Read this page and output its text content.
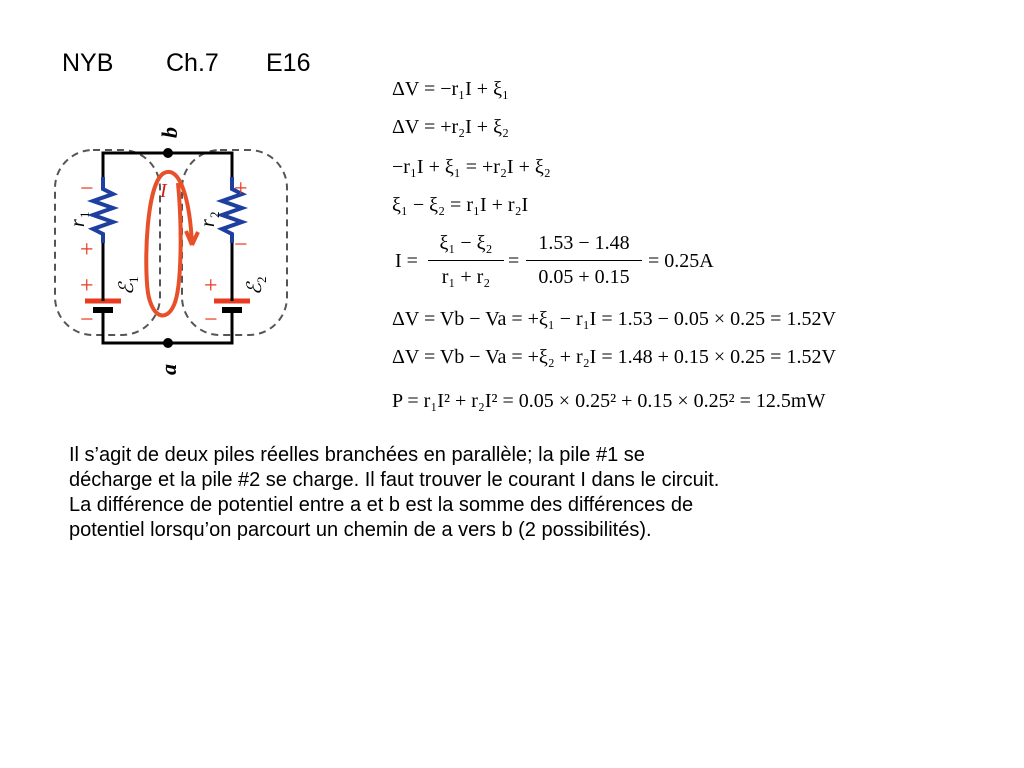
NYB Ch.7 E16
b
a
I
−
+
+
−
+
−
+
−
r
1
r
2
ℰ
1
ℰ
2
ΔV = −r₁I + ξ₁
ΔV = +r₂I + ξ₂
−r₁I + ξ₁ = +r₂I + ξ₂
ξ₁ − ξ₂ = r₁I + r₂I
I =
ξ₁ − ξ₂
r₁ + r₂
=
1.53 − 1.48
0.05 + 0.15
= 0.25A
ΔV = Vb − Va = +ξ₁ − r₁I = 1.53 − 0.05 × 0.25 = 1.52V
ΔV = Vb − Va = +ξ₂ + r₂I = 1.48 + 0.15 × 0.25 = 1.52V
P = r₁I² + r₂I² = 0.05 × 0.25² + 0.15 × 0.25² = 12.5mW
Il s’agit de deux piles réelles branchées en parallèle; la pile #1 se
décharge et la pile #2 se charge. Il faut trouver le courant I dans le circuit.
La différence de potentiel entre a et b est la somme des différences de
potentiel lorsqu’on parcourt un chemin de a vers b (2 possibilités).
